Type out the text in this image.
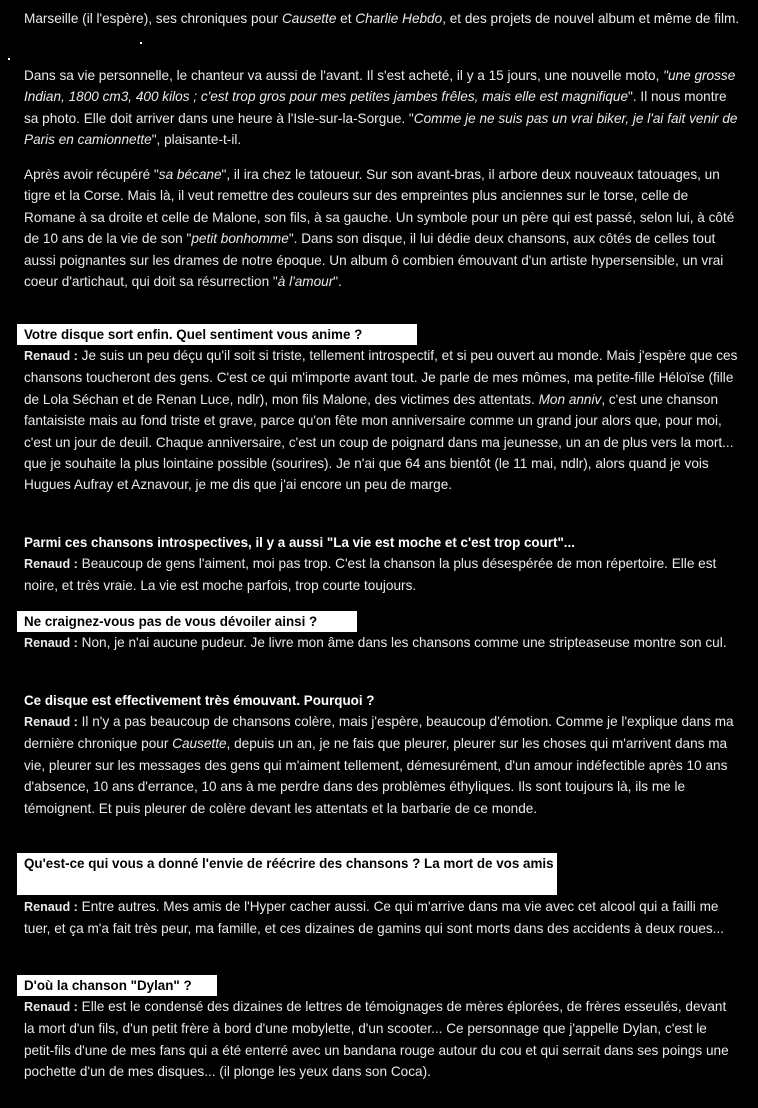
Marseille (il l'espère), ses chroniques pour Causette et Charlie Hebdo, et des projets de nouvel album et même de film.

Dans sa vie personnelle, le chanteur va aussi de l'avant. Il s'est acheté, il y a 15 jours, une nouvelle moto, "une grosse Indian, 1800 cm3, 400 kilos ; c'est trop gros pour mes petites jambes frêles, mais elle est magnifique". Il nous montre sa photo. Elle doit arriver dans une heure à l'Isle-sur-la-Sorgue. "Comme je ne suis pas un vrai biker, je l'ai fait venir de Paris en camionnette", plaisante-t-il.

Après avoir récupéré "sa bécane", il ira chez le tatoueur. Sur son avant-bras, il arbore deux nouveaux tatouages, un tigre et la Corse. Mais là, il veut remettre des couleurs sur des empreintes plus anciennes sur le torse, celle de Romane à sa droite et celle de Malone, son fils, à sa gauche. Un symbole pour un père qui est passé, selon lui, à côté de 10 ans de la vie de son "petit bonhomme". Dans son disque, il lui dédie deux chansons, aux côtés de celles tout aussi poignantes sur les drames de notre époque. Un album ô combien émouvant d'un artiste hypersensible, un vrai coeur d'artichaut, qui doit sa résurrection "à l'amour".

Votre disque sort enfin. Quel sentiment vous anime ?

Renaud : Je suis un peu déçu qu'il soit si triste, tellement introspectif, et si peu ouvert au monde. Mais j'espère que ces chansons toucheront des gens. C'est ce qui m'importe avant tout. Je parle de mes mômes, ma petite-fille Héloïse (fille de Lola Séchan et de Renan Luce, ndlr), mon fils Malone, des victimes des attentats. Mon anniv, c'est une chanson fantaisiste mais au fond triste et grave, parce qu'on fête mon anniversaire comme un grand jour alors que, pour moi, c'est un jour de deuil. Chaque anniversaire, c'est un coup de poignard dans ma jeunesse, un an de plus vers la mort... que je souhaite la plus lointaine possible (sourires). Je n'ai que 64 ans bientôt (le 11 mai, ndlr), alors quand je vois Hugues Aufray et Aznavour, je me dis que j'ai encore un peu de marge.

Parmi ces chansons introspectives, il y a aussi "La vie est moche et c'est trop court"...

Renaud : Beaucoup de gens l'aiment, moi pas trop. C'est la chanson la plus désespérée de mon répertoire. Elle est noire, et très vraie. La vie est moche parfois, trop courte toujours.

Ne craignez-vous pas de vous dévoiler ainsi ?

Renaud : Non, je n'ai aucune pudeur. Je livre mon âme dans les chansons comme une stripteaseuse montre son cul.

Ce disque est effectivement très émouvant. Pourquoi ?

Renaud : Il n'y a pas beaucoup de chansons colère, mais j'espère, beaucoup d'émotion. Comme je l'explique dans ma dernière chronique pour Causette, depuis un an, je ne fais que pleurer, pleurer sur les choses qui m'arrivent dans ma vie, pleurer sur les messages des gens qui m'aiment tellement, démesurément, d'un amour indéfectible après 10 ans d'absence, 10 ans d'errance, 10 ans à me perdre dans des problèmes éthyliques. Ils sont toujours là, ils me le témoignent. Et puis pleurer de colère devant les attentats et la barbarie de ce monde.

Qu'est-ce qui vous a donné l'envie de réécrire des chansons ? La mort de vos amis de Charlie Hebdo ?

Renaud : Entre autres. Mes amis de l'Hyper cacher aussi. Ce qui m'arrive dans ma vie avec cet alcool qui a failli me tuer, et ça m'a fait très peur, ma famille, et ces dizaines de gamins qui sont morts dans des accidents à deux roues...

D'où la chanson "Dylan" ?

Renaud : Elle est le condensé des dizaines de lettres de témoignages de mères éplorées, de frères esseulés, devant la mort d'un fils, d'un petit frère à bord d'une mobylette, d'un scooter... Ce personnage que j'appelle Dylan, c'est le petit-fils d'une de mes fans qui a été enterré avec un bandana rouge autour du cou et qui serrait dans ses poings une pochette d'un de mes disques... (il plonge les yeux dans son Coca).
